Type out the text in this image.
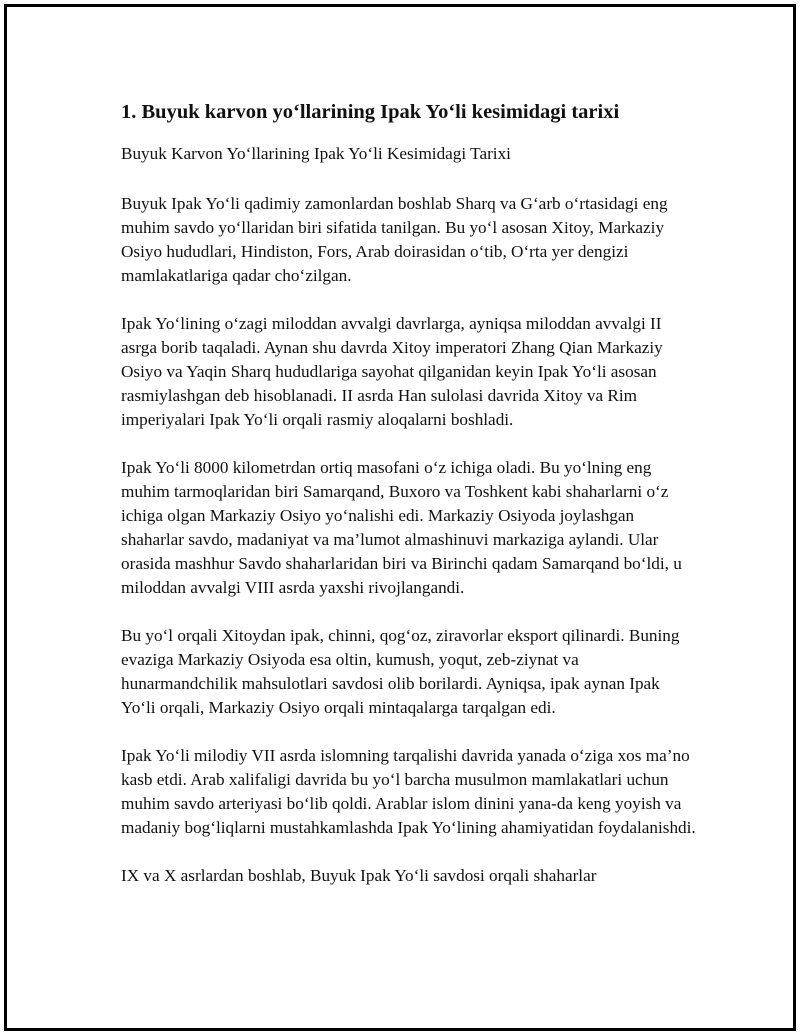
1. Buyuk karvon yo‘llarining Ipak Yo‘li kesimidagi tarixi
Buyuk Karvon Yo‘llarining Ipak Yo‘li Kesimidagi Tarixi

Buyuk Ipak Yo‘li qadimiy zamonlardan boshlab Sharq va G‘arb o‘rtasidagi eng muhim savdo yo‘llaridan biri sifatida tanilgan. Bu yo‘l asosan Xitoy, Markaziy Osiyo hududlari, Hindiston, Fors, Arab doirasidan o‘tib, O‘rta yer dengizi mamlakatlariga qadar cho‘zilgan.

Ipak Yo‘lining o‘zagi miloddan avvalgi davrlarga, ayniqsa miloddan avvalgi II asrga borib taqaladi. Aynan shu davrda Xitoy imperatori Zhang Qian Markaziy Osiyo va Yaqin Sharq hududlariga sayohat qilganidan keyin Ipak Yo‘li asosan rasmiylashgan deb hisoblanadi. II asrda Han sulolasi davrida Xitoy va Rim imperiyalari Ipak Yo‘li orqali rasmiy aloqalarni boshladi.

Ipak Yo‘li 8000 kilometrdan ortiq masofani o‘z ichiga oladi. Bu yo‘lning eng muhim tarmoqlaridan biri Samarqand, Buxoro va Toshkent kabi shaharlarni o‘z ichiga olgan Markaziy Osiyo yo‘nalishi edi. Markaziy Osiyoda joylashgan shaharlar savdo, madaniyat va ma’lumot almashinuvi markaziga aylandi. Ular orasida mashhur Savdo shaharlaridan biri va Birinchi qadam Samarqand bo‘ldi, u miloddan avvalgi VIII asrda yaxshi rivojlangandi.

Bu yo‘l orqali Xitoydan ipak, chinni, qog‘oz, ziravorlar eksport qilinardi. Buning evaziga Markaziy Osiyoda esa oltin, kumush, yoqut, zeb-ziynat va hunarmandchilik mahsulotlari savdosi olib borilardi. Ayniqsa, ipak aynan Ipak Yo‘li orqali, Markaziy Osiyo orqali mintaqalarga tarqalgan edi.

Ipak Yo‘li milodiy VII asrda islomning tarqalishi davrida yanada o‘ziga xos ma’no kasb etdi. Arab xalifaligi davrida bu yo‘l barcha musulmon mamlakatlari uchun muhim savdo arteriyasi bo‘lib qoldi. Arablar islom dinini yana-da keng yoyish va madaniy bog‘liqlarni mustahkamlashda Ipak Yo‘lining ahamiyatidan foydalanishdi.

IX va X asrlardan boshlab, Buyuk Ipak Yo‘li savdosi orqali shaharlar
